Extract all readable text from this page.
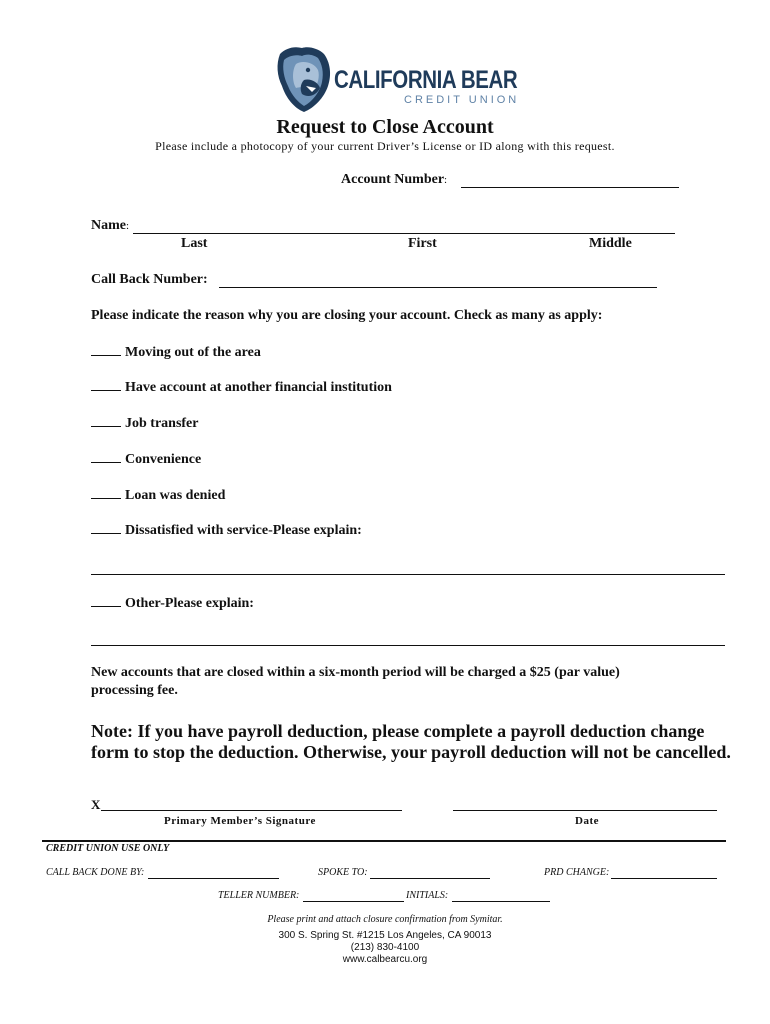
CALIFORNIA BEAR
CREDIT UNION
Request to Close Account
Please include a photocopy of your current Driver’s License or ID along with this request.
Account Number:
Name:
Last	First	Middle
Call Back Number:
Please indicate the reason why you are closing your account. Check as many as apply:
Moving out of the area
Have account at another financial institution
Job transfer
Convenience
Loan was denied
Dissatisfied with service-Please explain:
Other-Please explain:
New accounts that are closed within a six-month period will be charged a $25 (par value)
processing fee.
Note: If you have payroll deduction, please complete a payroll deduction change
form to stop the deduction. Otherwise, your payroll deduction will not be cancelled.
X
Primary Member’s Signature	Date
CREDIT UNION USE ONLY
CALL BACK DONE BY:	SPOKE TO:	PRD CHANGE:
TELLER NUMBER:	INITIALS:
Please print and attach closure confirmation from Symitar.
300 S. Spring St. #1215 Los Angeles, CA 90013
(213) 830-4100
www.calbearcu.org
